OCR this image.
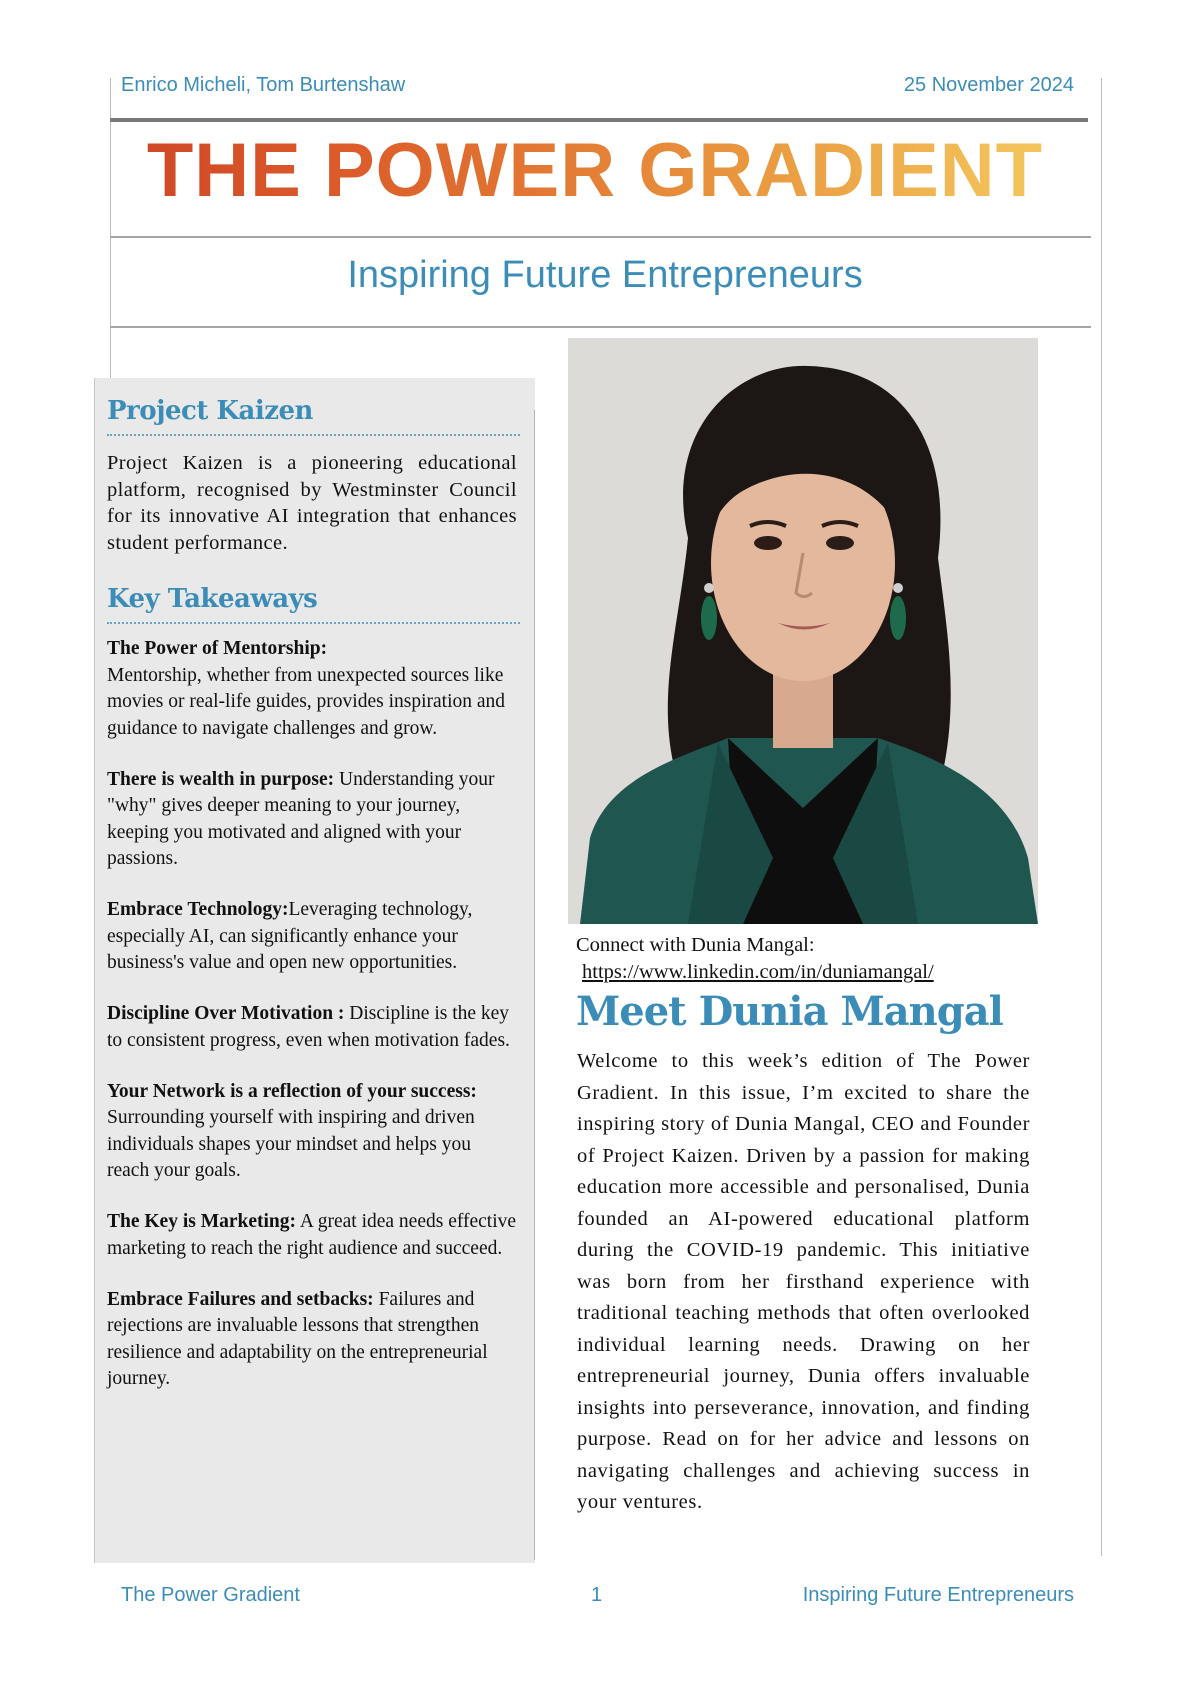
Enrico Micheli, Tom Burtenshaw	25 November 2024
THE POWER GRADIENT
Inspiring Future Entrepreneurs
Project Kaizen

Project Kaizen is a pioneering educational platform, recognised by Westminster Council for its innovative AI integration that enhances student performance.

Key Takeaways
The Power of Mentorship:
Mentorship, whether from unexpected sources like movies or real-life guides, provides inspiration and guidance to navigate challenges and grow.
There is wealth in purpose: Understanding your "why" gives deeper meaning to your journey, keeping you motivated and aligned with your passions.
Embrace Technology:Leveraging technology, especially AI, can significantly enhance your business's value and open new opportunities.
Discipline Over Motivation : Discipline is the key to consistent progress, even when motivation fades.
Your Network is a reflection of your success: Surrounding yourself with inspiring and driven individuals shapes your mindset and helps you reach your goals.
The Key is Marketing: A great idea needs effective marketing to reach the right audience and succeed.
Embrace Failures and setbacks: Failures and rejections are invaluable lessons that strengthen resilience and adaptability on the entrepreneurial journey.
Connect with Dunia Mangal:
https://www.linkedin.com/in/duniamangal/
Meet Dunia Mangal

Welcome to this week’s edition of The Power Gradient. In this issue, I’m excited to share the inspiring story of Dunia Mangal, CEO and Founder of Project Kaizen. Driven by a passion for making education more accessible and personalised, Dunia founded an AI-powered educational platform during the COVID-19 pandemic. This initiative was born from her firsthand experience with traditional teaching methods that often overlooked individual learning needs. Drawing on her entrepreneurial journey, Dunia offers invaluable insights into perseverance, innovation, and finding purpose. Read on for her advice and lessons on navigating challenges and achieving success in your ventures.

The Power Gradient	1	Inspiring Future Entrepreneurs
